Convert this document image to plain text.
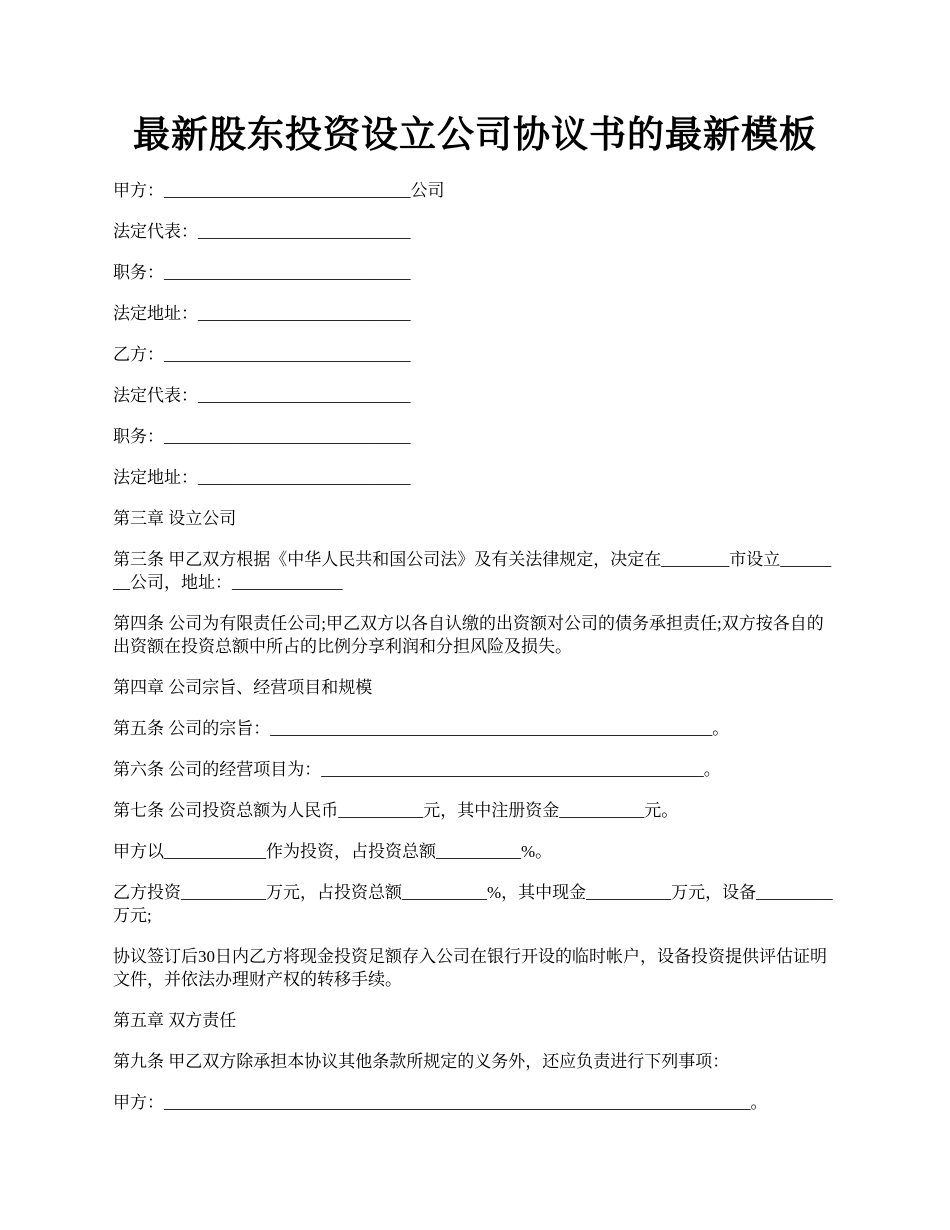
最新股东投资设立公司协议书的最新模板

甲方：_____________________________公司

法定代表：_________________________

职务：_____________________________

法定地址：_________________________

乙方：_____________________________

法定代表：_________________________

职务：_____________________________

法定地址：_________________________

第三章 设立公司

第三条 甲乙双方根据《中华人民共和国公司法》及有关法律规定，决定在________市设立________公司，地址：_____________

第四条 公司为有限责任公司;甲乙双方以各自认缴的出资额对公司的债务承担责任;双方按各自的出资额在投资总额中所占的比例分享利润和分担风险及损失。

第四章 公司宗旨、经营项目和规模

第五条 公司的宗旨：____________________________________________________。

第六条 公司的经营项目为：_____________________________________________。

第七条 公司投资总额为人民币__________元，其中注册资金__________元。

甲方以____________作为投资，占投资总额__________%。

乙方投资__________万元，占投资总额__________%，其中现金__________万元，设备_________万元;

协议签订后30日内乙方将现金投资足额存入公司在银行开设的临时帐户，设备投资提供评估证明文件，并依法办理财产权的转移手续。

第五章 双方责任

第九条 甲乙双方除承担本协议其他条款所规定的义务外，还应负责进行下列事项：

甲方：_____________________________________________________________________。
